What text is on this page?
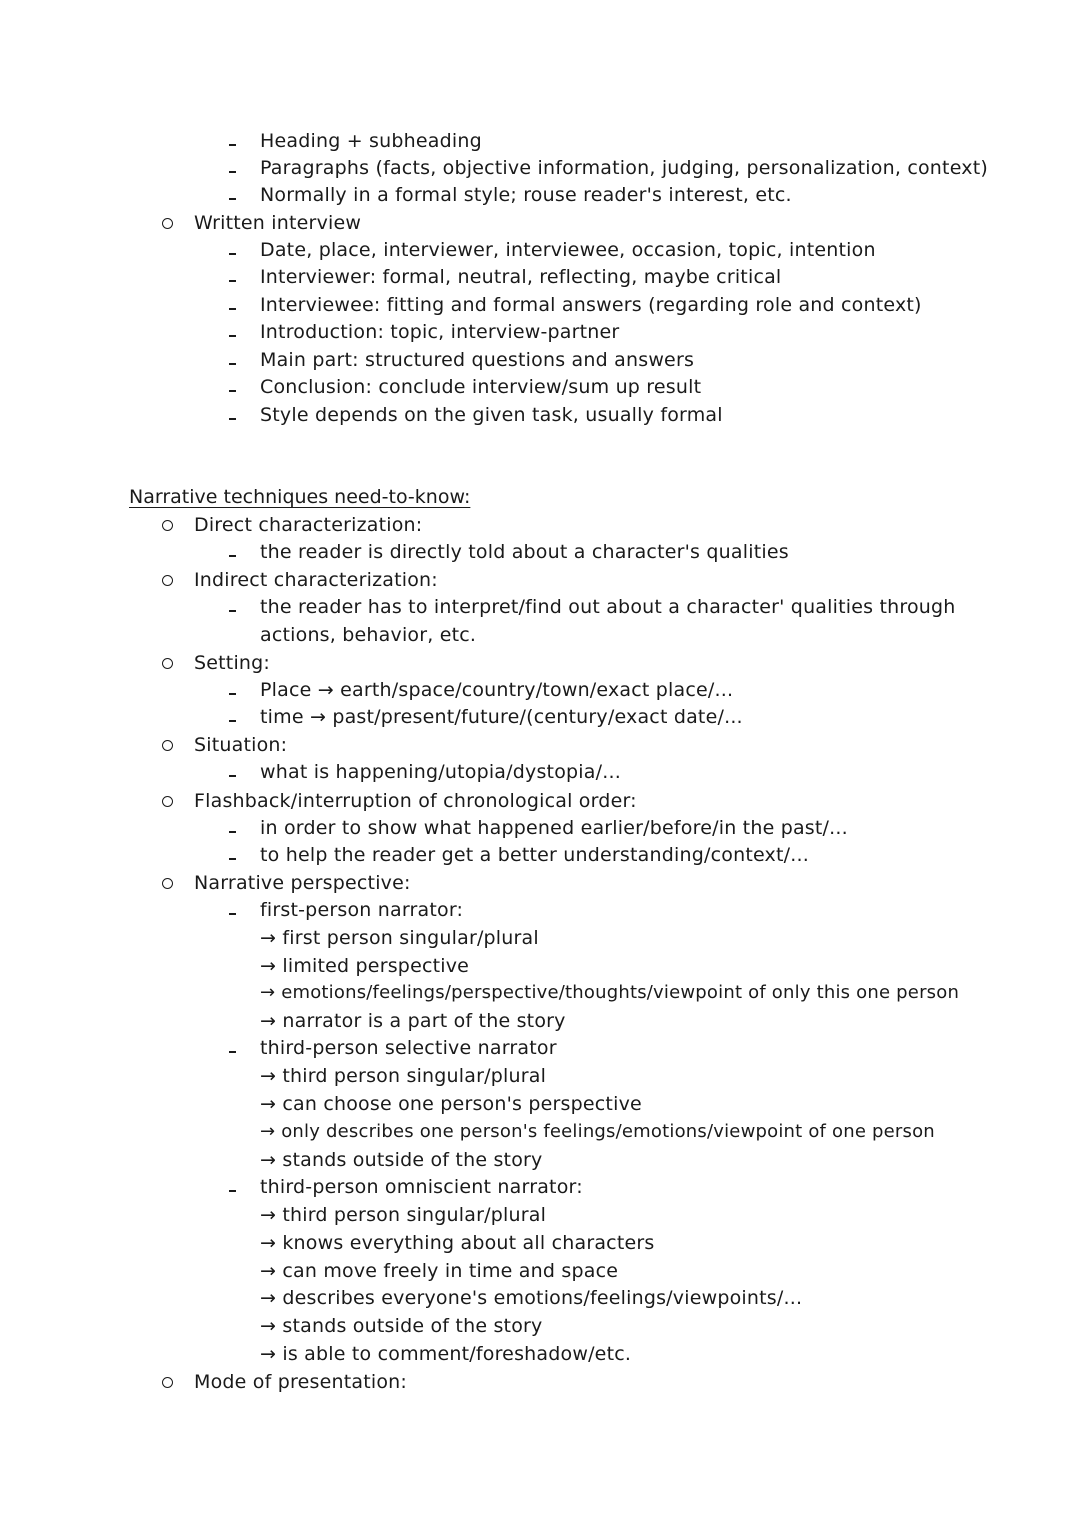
Heading + subheading
Paragraphs (facts, objective information, judging, personalization, context)
Normally in a formal style; rouse reader's interest, etc.
Written interview
Date, place, interviewer, interviewee, occasion, topic, intention
Interviewer: formal, neutral, reflecting, maybe critical
Interviewee: fitting and formal answers (regarding role and context)
Introduction: topic, interview-partner
Main part: structured questions and answers
Conclusion: conclude interview/sum up result
Style depends on the given task, usually formal
Narrative techniques need-to-know:
Direct characterization:
the reader is directly told about a character's qualities
Indirect characterization:
the reader has to interpret/find out about a character' qualities through
actions, behavior, etc.
Setting:
Place → earth/space/country/town/exact place/...
time → past/present/future/(century/exact date/...
Situation:
what is happening/utopia/dystopia/...
Flashback/interruption of chronological order:
in order to show what happened earlier/before/in the past/...
to help the reader get a better understanding/context/...
Narrative perspective:
first-person narrator:
→ first person singular/plural
→ limited perspective
→ emotions/feelings/perspective/thoughts/viewpoint of only this one person
→ narrator is a part of the story
third-person selective narrator
→ third person singular/plural
→ can choose one person's perspective
→ only describes one person's feelings/emotions/viewpoint of one person
→ stands outside of the story
third-person omniscient narrator:
→ third person singular/plural
→ knows everything about all characters
→ can move freely in time and space
→ describes everyone's emotions/feelings/viewpoints/...
→ stands outside of the story
→ is able to comment/foreshadow/etc.
Mode of presentation:
